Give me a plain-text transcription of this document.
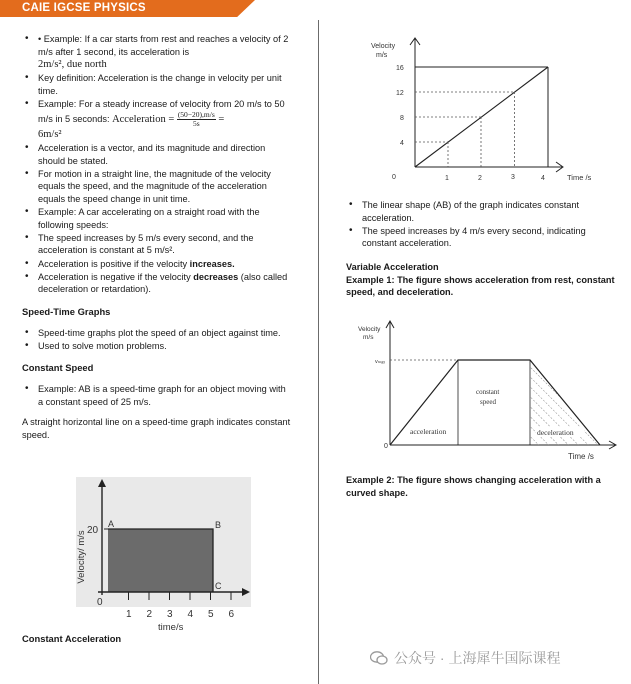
CAIE IGCSE PHYSICS
• • Example: If a car starts from rest and reaches a velocity of 2 m/s after 1 second, its acceleration is
2m/s², due north
• Key definition: Acceleration is the change in velocity per unit time.
• Example: For a steady increase of velocity from 20 m/s to 50 m/s in 5 seconds: Acceleration = $\frac{(50-20),m/s}{5s}$ =
6m/s²
• Acceleration is a vector, and its magnitude and direction should be stated.
• For motion in a straight line, the magnitude of the velocity equals the speed, and the magnitude of the acceleration equals the speed change in unit time.
• Example: A car accelerating on a straight road with the following speeds:
• The speed increases by 5 m/s every second, and the acceleration is constant at 5 m/s².
• Acceleration is positive if the velocity increases.
• Acceleration is negative if the velocity decreases (also called deceleration or retardation).
Speed-Time Graphs
• Speed-time graphs plot the speed of an object against time.
• Used to solve motion problems.
Constant Speed
• Example: AB is a speed-time graph for an object moving with a constant speed of 25 m/s.
A straight horizontal line on a speed-time graph indicates constant speed.
Velocity/ m/s 20
A	B
C
0
1 2 3 4 5 6
time/s
Constant Acceleration
Velocity
m/s
16
12
8
4
0	1	2	3	4	Time /s
• The linear shape (AB) of the graph indicates constant acceleration.
• The speed increases by 4 m/s every second, indicating constant acceleration.
Variable Acceleration
Example 1: The figure shows acceleration from rest, constant speed, and deceleration.
Velocity
m/s
vₘₐₓ
0
acceleration
constant
speed
deceleration
Time /s
Example 2: The figure shows changing acceleration with a curved shape.
公众号 · 上海犀牛国际课程
